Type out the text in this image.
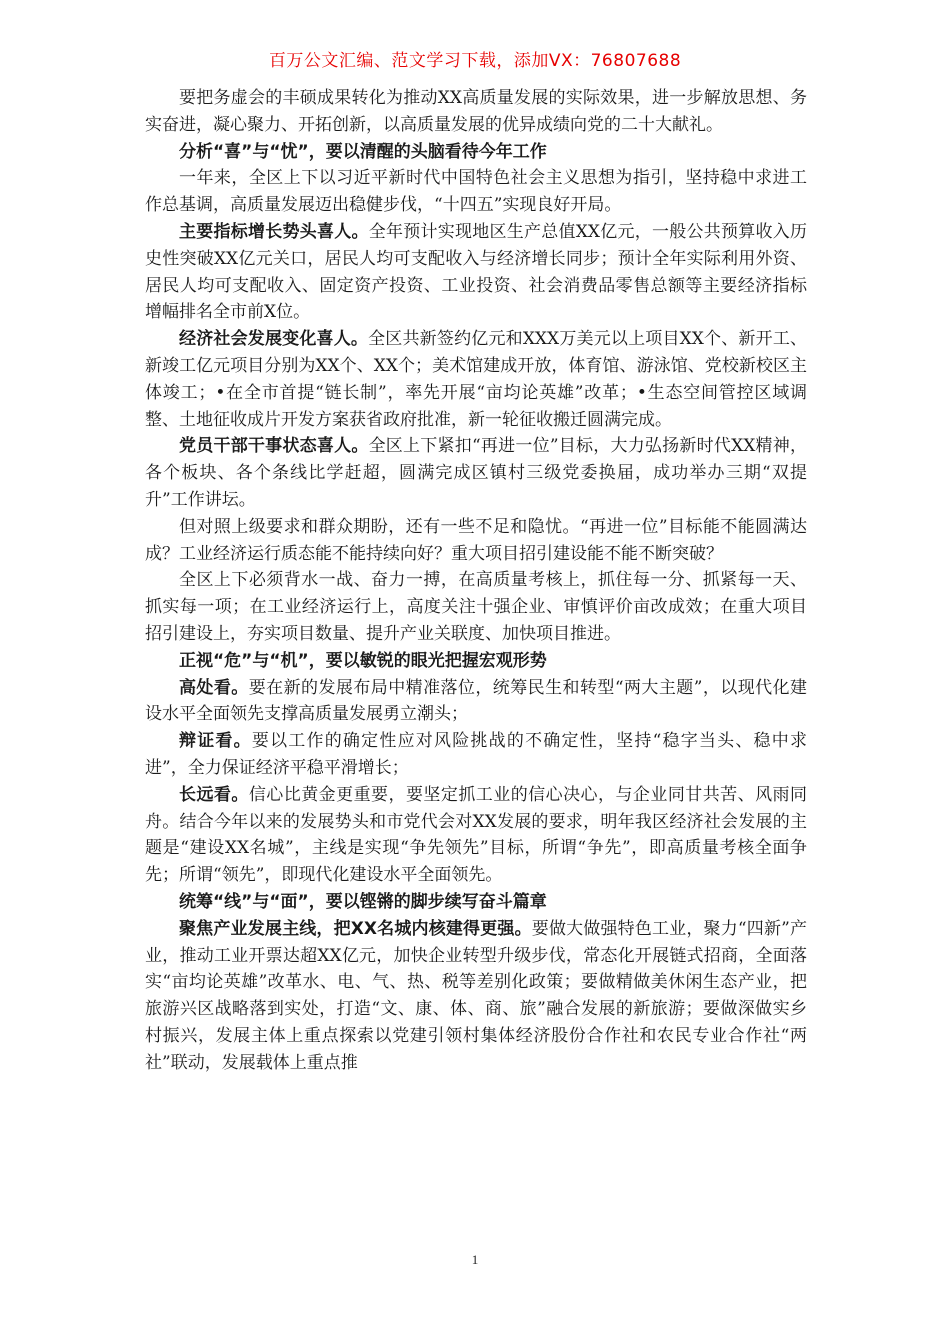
百万公文汇编、范文学习下载，添加VX：76807688

要把务虚会的丰硕成果转化为推动XX高质量发展的实际效果，进一步解放思想、务实奋进，凝心聚力、开拓创新，以高质量发展的优异成绩向党的二十大献礼。

分析“喜”与“忧”，要以清醒的头脑看待今年工作

一年来，全区上下以习近平新时代中国特色社会主义思想为指引，坚持稳中求进工作总基调，高质量发展迈出稳健步伐，“十四五”实现良好开局。

主要指标增长势头喜人。全年预计实现地区生产总值XX亿元，一般公共预算收入历史性突破XX亿元关口，居民人均可支配收入与经济增长同步；预计全年实际利用外资、居民人均可支配收入、固定资产投资、工业投资、社会消费品零售总额等主要经济指标增幅排名全市前X位。

经济社会发展变化喜人。全区共新签约亿元和XXX万美元以上项目XX个、新开工、新竣工亿元项目分别为XX个、XX个；美术馆建成开放，体育馆、游泳馆、党校新校区主体竣工；•在全市首提“链长制”，率先开展“亩均论英雄”改革；•生态空间管控区域调整、土地征收成片开发方案获省政府批准，新一轮征收搬迁圆满完成。

党员干部干事状态喜人。全区上下紧扣“再进一位”目标，大力弘扬新时代XX精神，各个板块、各个条线比学赶超，圆满完成区镇村三级党委换届，成功举办三期“双提升”工作讲坛。

但对照上级要求和群众期盼，还有一些不足和隐忧。“再进一位”目标能不能圆满达成？工业经济运行质态能不能持续向好？重大项目招引建设能不能不断突破？

全区上下必须背水一战、奋力一搏，在高质量考核上，抓住每一分、抓紧每一天、抓实每一项；在工业经济运行上，高度关注十强企业、审慎评价亩改成效；在重大项目招引建设上，夯实项目数量、提升产业关联度、加快项目推进。

正视“危”与“机”，要以敏锐的眼光把握宏观形势

高处看。要在新的发展布局中精准落位，统筹民生和转型“两大主题”，以现代化建设水平全面领先支撑高质量发展勇立潮头；

辩证看。要以工作的确定性应对风险挑战的不确定性，坚持“稳字当头、稳中求进”，全力保证经济平稳平滑增长；

长远看。信心比黄金更重要，要坚定抓工业的信心决心，与企业同甘共苦、风雨同舟。结合今年以来的发展势头和市党代会对XX发展的要求，明年我区经济社会发展的主题是“建设XX名城”，主线是实现“争先领先”目标，所谓“争先”，即高质量考核全面争先；所谓“领先”，即现代化建设水平全面领先。

统筹“线”与“面”，要以铿锵的脚步续写奋斗篇章

聚焦产业发展主线，把XX名城内核建得更强。要做大做强特色工业，聚力“四新”产业，推动工业开票达超XX亿元，加快企业转型升级步伐，常态化开展链式招商，全面落实“亩均论英雄”改革水、电、气、热、税等差别化政策；要做精做美休闲生态产业，把旅游兴区战略落到实处，打造“文、康、体、商、旅”融合发展的新旅游；要做深做实乡村振兴，发展主体上重点探索以党建引领村集体经济股份合作社和农民专业合作社“两社”联动，发展载体上重点推

1
